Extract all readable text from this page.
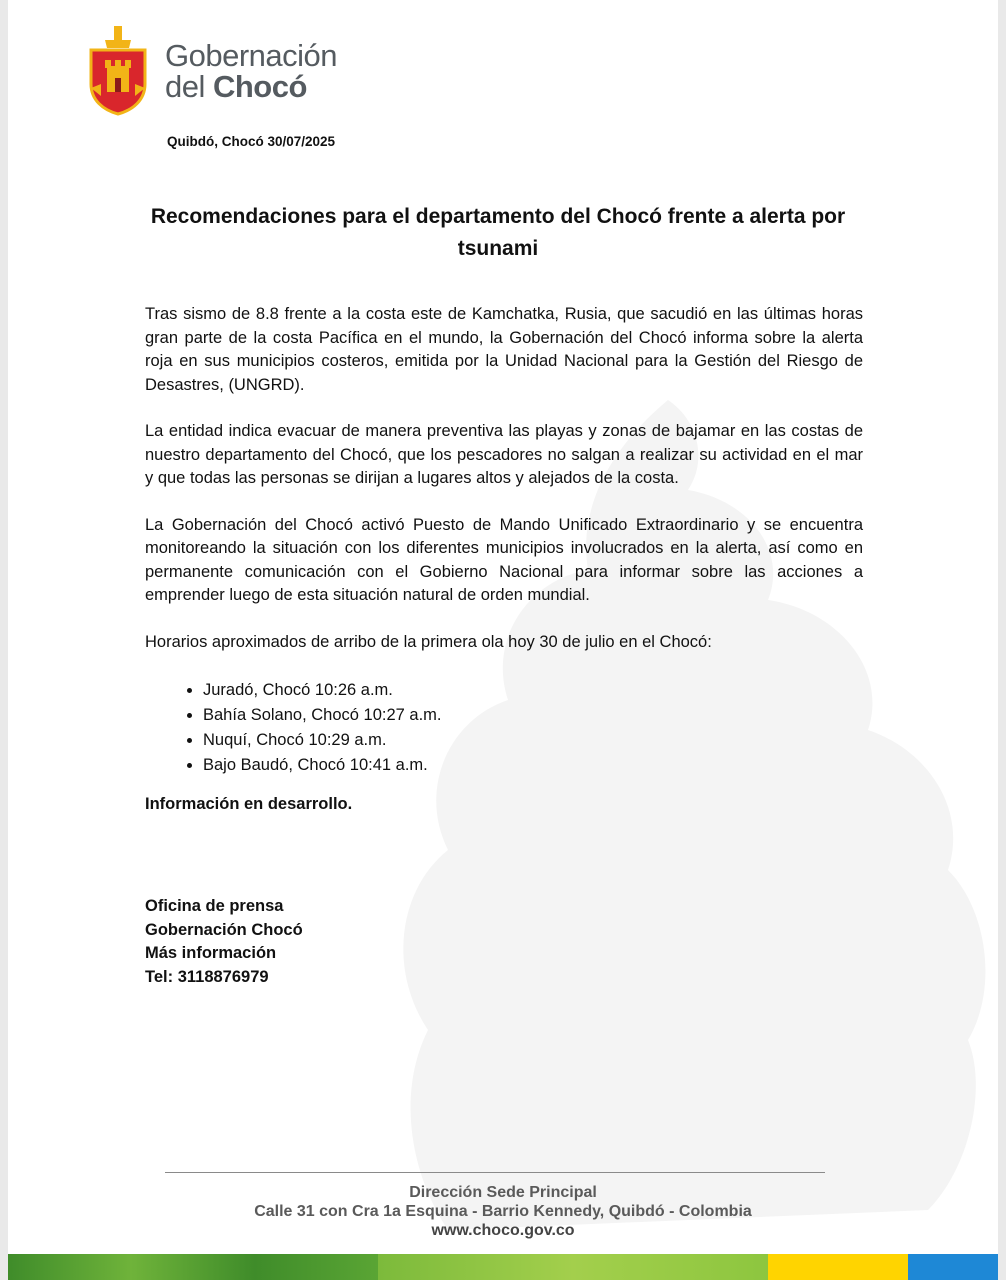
Gobernación
del Chocó
Quibdó, Chocó 30/07/2025
Recomendaciones para el departamento del Chocó frente a alerta por tsunami

Tras sismo de 8.8 frente a la costa este de Kamchatka, Rusia, que sacudió en las últimas horas gran parte de la costa Pacífica en el mundo, la Gobernación del Chocó informa sobre la alerta roja en sus municipios costeros, emitida por la Unidad Nacional para la Gestión del Riesgo de Desastres, (UNGRD).

La entidad indica evacuar de manera preventiva las playas y zonas de bajamar en las costas de nuestro departamento del Chocó, que los pescadores no salgan a realizar su actividad en el mar y que todas las personas se dirijan a lugares altos y alejados de la costa.

La Gobernación del Chocó activó Puesto de Mando Unificado Extraordinario y se encuentra monitoreando la situación con los diferentes municipios involucrados en la alerta, así como en permanente comunicación con el Gobierno Nacional para informar sobre las acciones a emprender luego de esta situación natural de orden mundial.

Horarios aproximados de arribo de la primera ola hoy 30 de julio en el Chocó:

• Juradó, Chocó 10:26 a.m.
• Bahía Solano, Chocó 10:27 a.m.
• Nuquí, Chocó 10:29 a.m.
• Bajo Baudó, Chocó 10:41 a.m.

Información en desarrollo.

Oficina de prensa
Gobernación Chocó
Más información
Tel: 3118876979
Dirección Sede Principal
Calle 31 con Cra 1a Esquina - Barrio Kennedy, Quibdó - Colombia
www.choco.gov.co
